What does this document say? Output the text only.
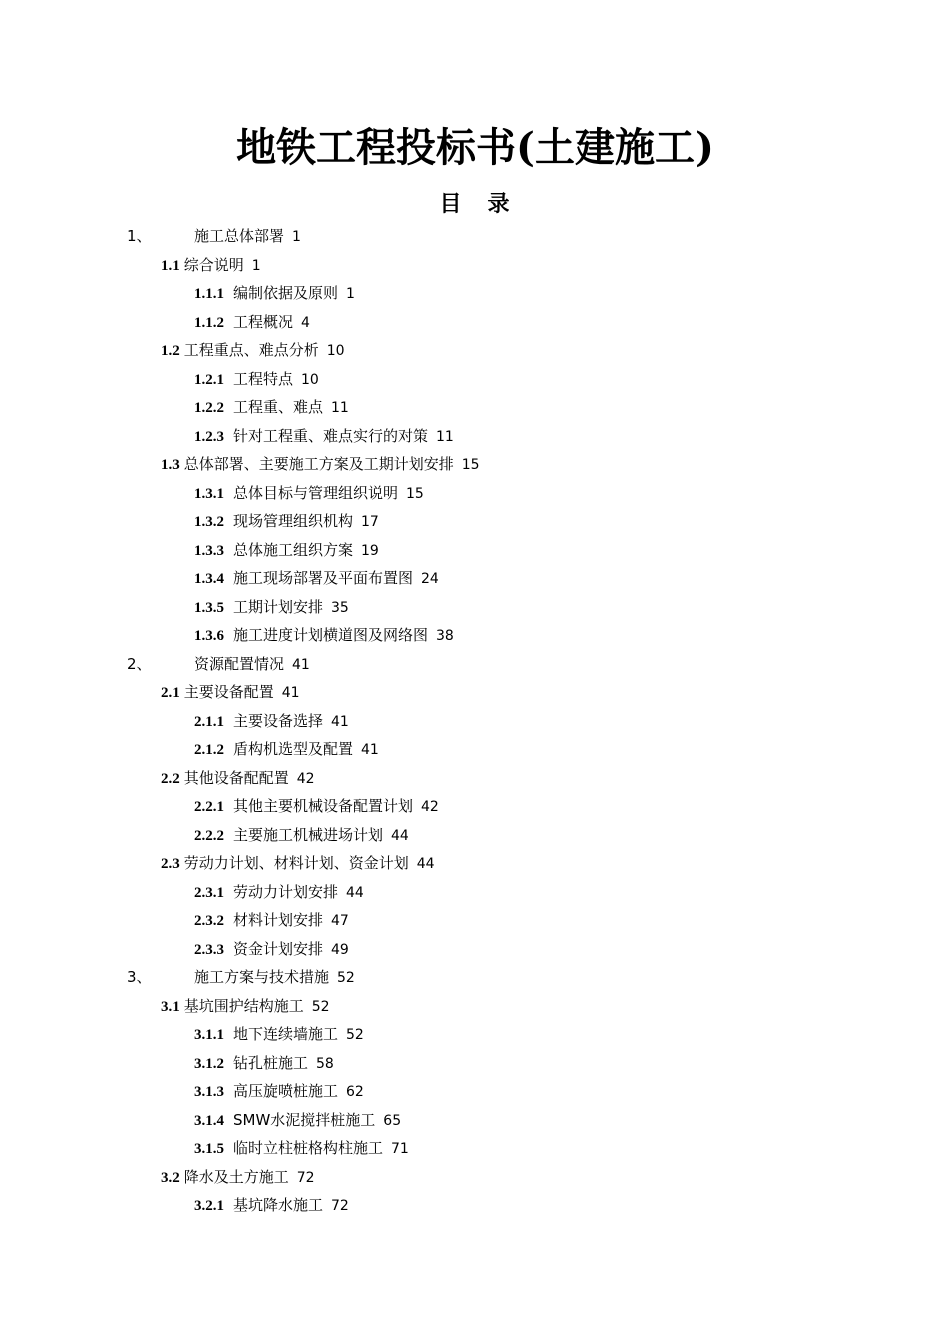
地铁工程投标书(土建施工)
目录
1、	施工总体部署 1
1.1 综合说明 1
1.1.1 编制依据及原则 1
1.1.2 工程概况 4
1.2 工程重点、难点分析 10
1.2.1 工程特点 10
1.2.2 工程重、难点 11
1.2.3 针对工程重、难点实行的对策 11
1.3 总体部署、主要施工方案及工期计划安排 15
1.3.1 总体目标与管理组织说明 15
1.3.2 现场管理组织机构 17
1.3.3 总体施工组织方案 19
1.3.4 施工现场部署及平面布置图 24
1.3.5 工期计划安排 35
1.3.6 施工进度计划横道图及网络图 38
2、	资源配置情况 41
2.1 主要设备配置 41
2.1.1 主要设备选择 41
2.1.2 盾构机选型及配置 41
2.2 其他设备配配置 42
2.2.1 其他主要机械设备配置计划 42
2.2.2 主要施工机械进场计划 44
2.3 劳动力计划、材料计划、资金计划 44
2.3.1 劳动力计划安排 44
2.3.2 材料计划安排 47
2.3.3 资金计划安排 49
3、	施工方案与技术措施 52
3.1 基坑围护结构施工 52
3.1.1 地下连续墙施工 52
3.1.2 钻孔桩施工 58
3.1.3 高压旋喷桩施工 62
3.1.4 SMW水泥搅拌桩施工 65
3.1.5 临时立柱桩格构柱施工 71
3.2 降水及土方施工 72
3.2.1 基坑降水施工 72
